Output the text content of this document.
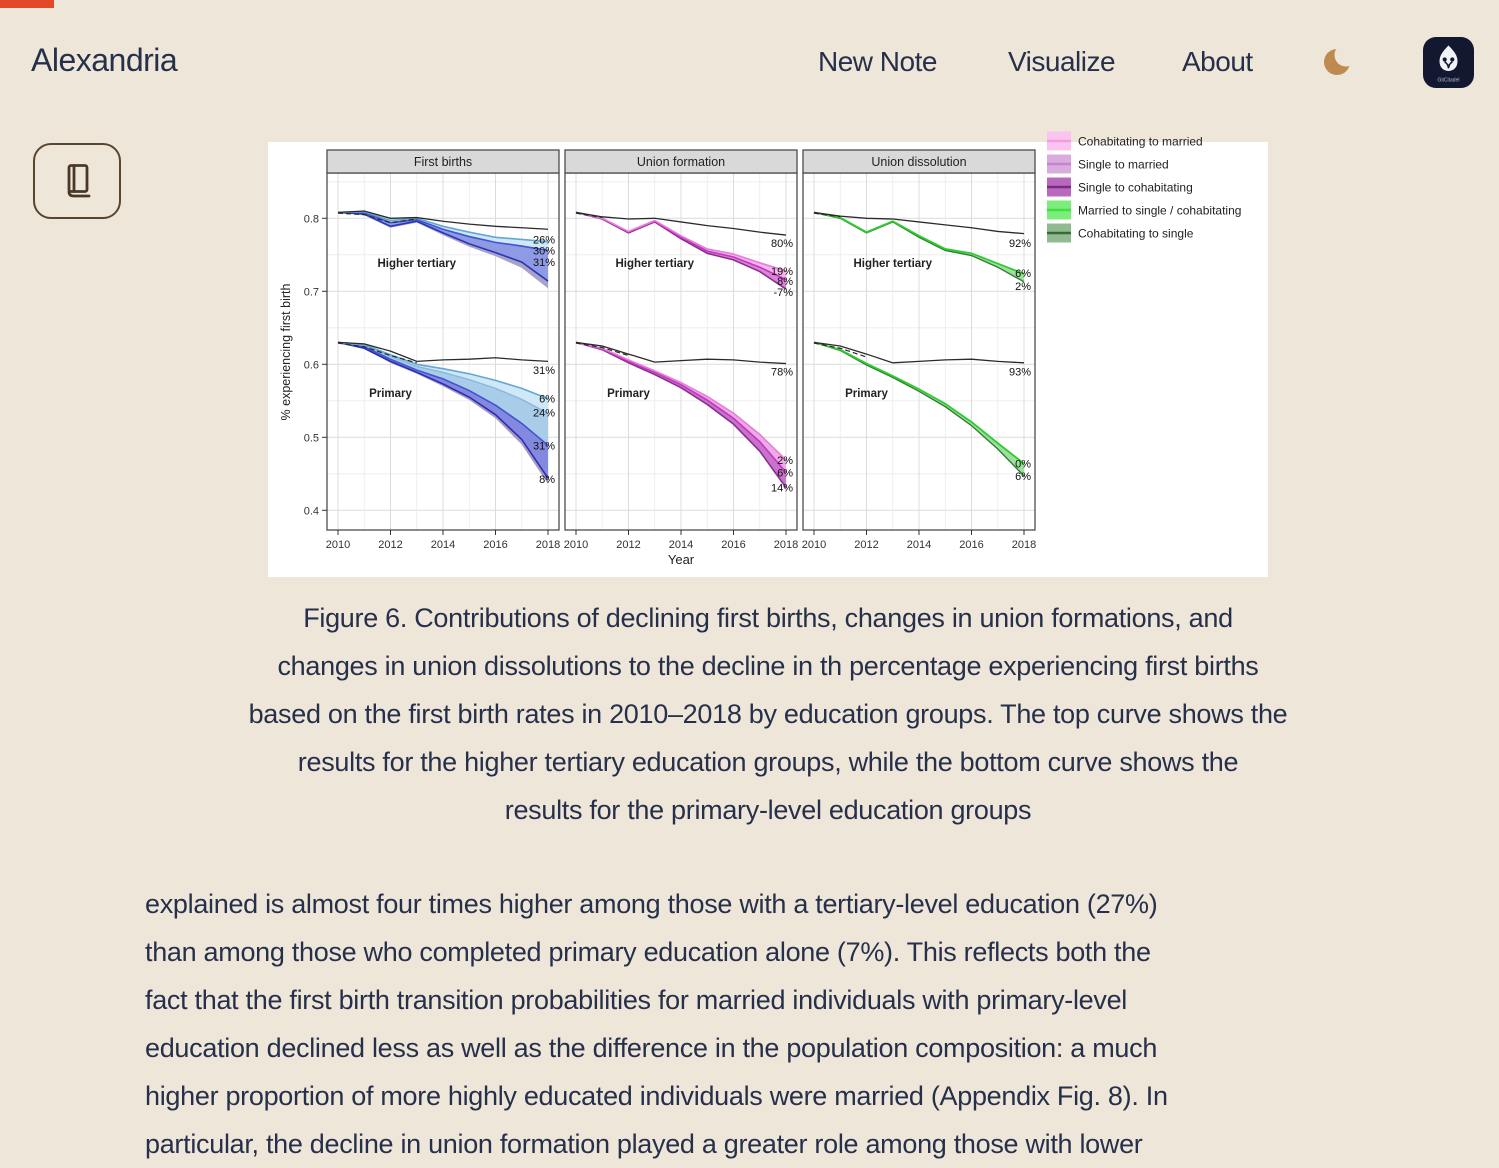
Alexandria	New Note	Visualize About
GitCitadel
26%
30%
31%
Higher tertiary
31%
6%
24%
31%
8%
Primary
First births
2010	2012	2014	2016	2018
80%
19%
8%
-7%
Higher tertiary
78%
2%
6%
14%
Primary
Union formation
2010	2012	2014	2016	2018
92%
6%
2%
Higher tertiary
93%
0%
6%
Primary
Union dissolution
2010	2012	2014	2016	2018
0.4
0.5
0.6
0.7
0.8
Year
% experiencing first birth
Cohabitating to married
Single to married
Single to cohabitating
Married to single / cohabitating
Cohabitating to single
Figure 6. Contributions of declining first births, changes in union formations, and
changes in union dissolutions to the decline in th percentage experiencing first births
based on the first birth rates in 2010–2018 by education groups. The top curve shows the
results for the higher tertiary education groups, while the bottom curve shows the
results for the primary-level education groups
explained is almost four times higher among those with a tertiary-level education (27%)
than among those who completed primary education alone (7%). This reflects both the
fact that the first birth transition probabilities for married individuals with primary-level
education declined less as well as the difference in the population composition: a much
higher proportion of more highly educated individuals were married (Appendix Fig. 8). In
particular, the decline in union formation played a greater role among those with lower
